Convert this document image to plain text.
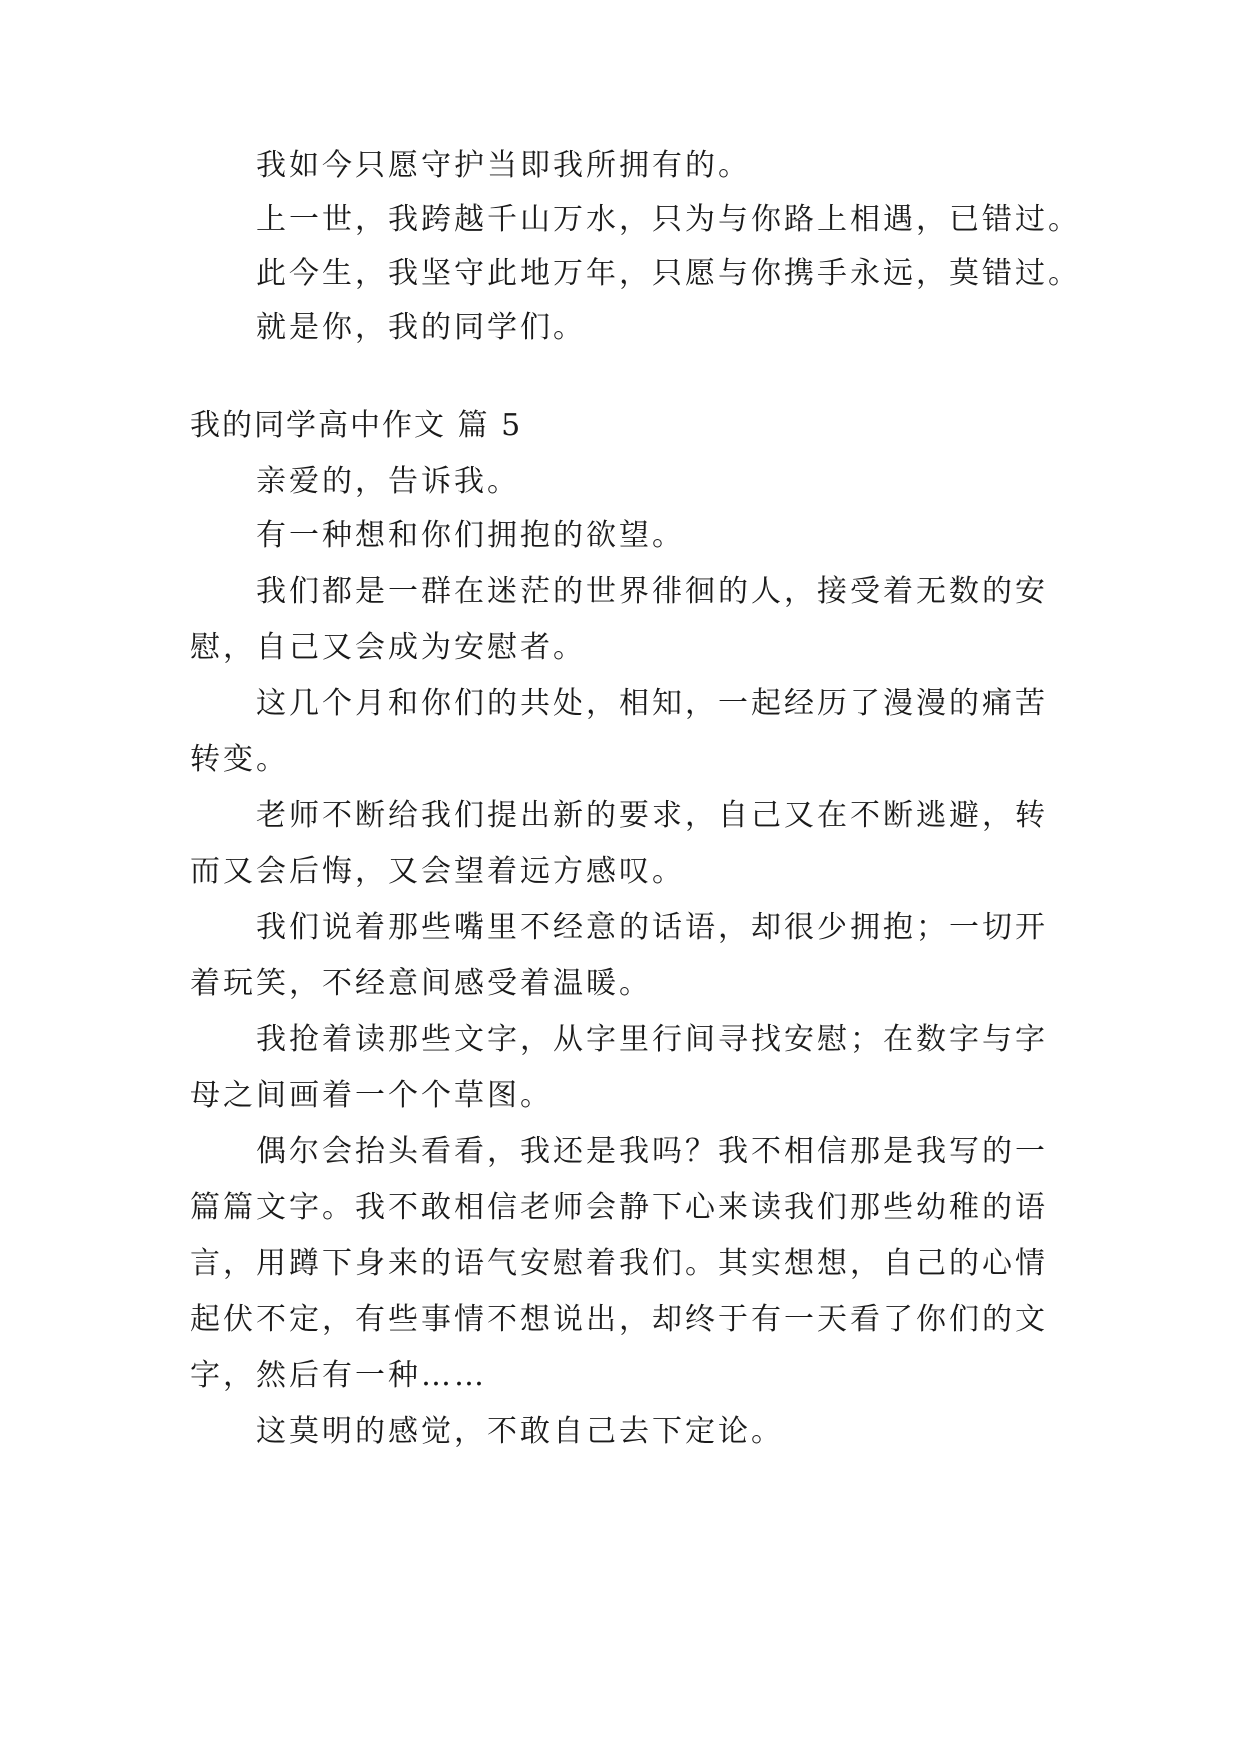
我如今只愿守护当即我所拥有的。

上一世，我跨越千山万水，只为与你路上相遇，已错过。

此今生，我坚守此地万年，只愿与你携手永远，莫错过。

就是你，我的同学们。

我的同学高中作文 篇 5

亲爱的，告诉我。

有一种想和你们拥抱的欲望。

我们都是一群在迷茫的世界徘徊的人，接受着无数的安

慰，自己又会成为安慰者。

这几个月和你们的共处，相知，一起经历了漫漫的痛苦

转变。

老师不断给我们提出新的要求，自己又在不断逃避，转

而又会后悔，又会望着远方感叹。

我们说着那些嘴里不经意的话语，却很少拥抱；一切开

着玩笑，不经意间感受着温暖。

我抢着读那些文字，从字里行间寻找安慰；在数字与字

母之间画着一个个草图。

偶尔会抬头看看，我还是我吗？我不相信那是我写的一

篇篇文字。我不敢相信老师会静下心来读我们那些幼稚的语

言，用蹲下身来的语气安慰着我们。其实想想，自己的心情

起伏不定，有些事情不想说出，却终于有一天看了你们的文

字，然后有一种……

这莫明的感觉，不敢自己去下定论。
